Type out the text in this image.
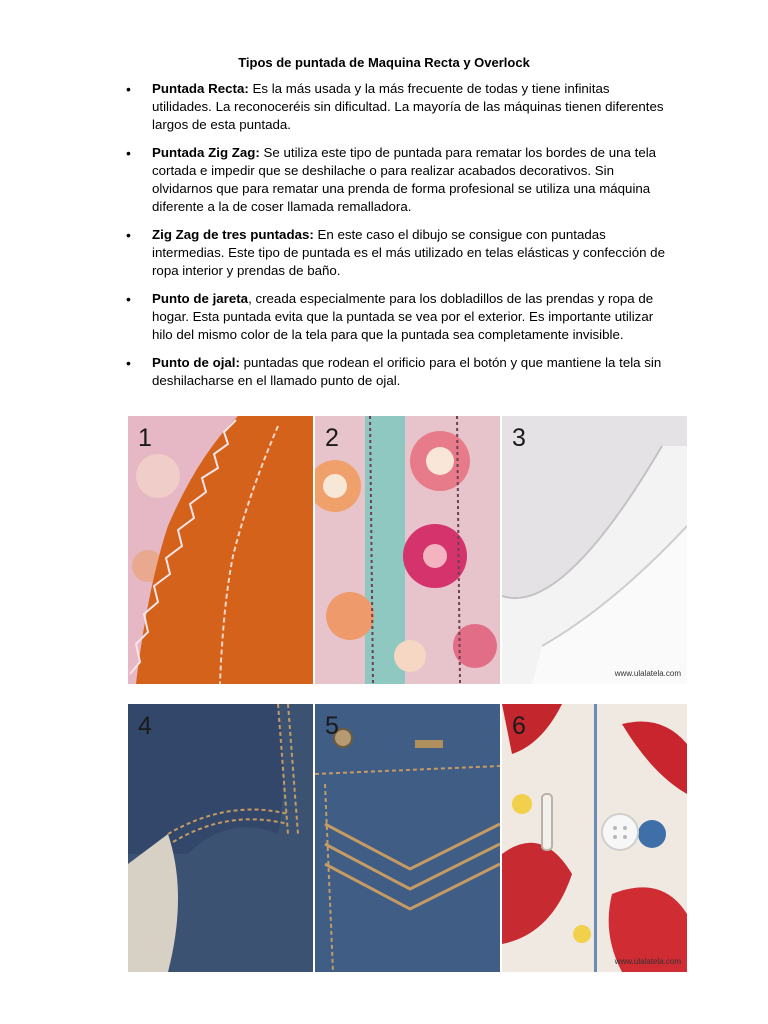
Tipos de puntada de Maquina Recta y Overlock
• Puntada Recta: Es la más usada y la más frecuente de todas y tiene infinitas utilidades. La reconoceréis sin dificultad. La mayoría de las máquinas tienen diferentes largos de esta puntada.
• Puntada Zig Zag: Se utiliza este tipo de puntada para rematar los bordes de una tela cortada e impedir que se deshilache o para realizar acabados decorativos. Sin olvidarnos que para rematar una prenda de forma profesional se utiliza una máquina diferente a la de coser llamada remalladora.
• Zig Zag de tres puntadas: En este caso el dibujo se consigue con puntadas intermedias. Este tipo de puntada es el más utilizado en telas elásticas y confección de ropa interior y prendas de baño.
• Punto de jareta, creada especialmente para los dobladillos de las prendas y ropa de hogar. Esta puntada evita que la puntada se vea por el exterior. Es importante utilizar hilo del mismo color de la tela para que la puntada sea completamente invisible.
• Punto de ojal: puntadas que rodean el orificio para el botón y que mantiene la tela sin deshilacharse en el llamado punto de ojal.
1	2	3
www.ulalatela.com
4	5	6
www.ulalatela.com
